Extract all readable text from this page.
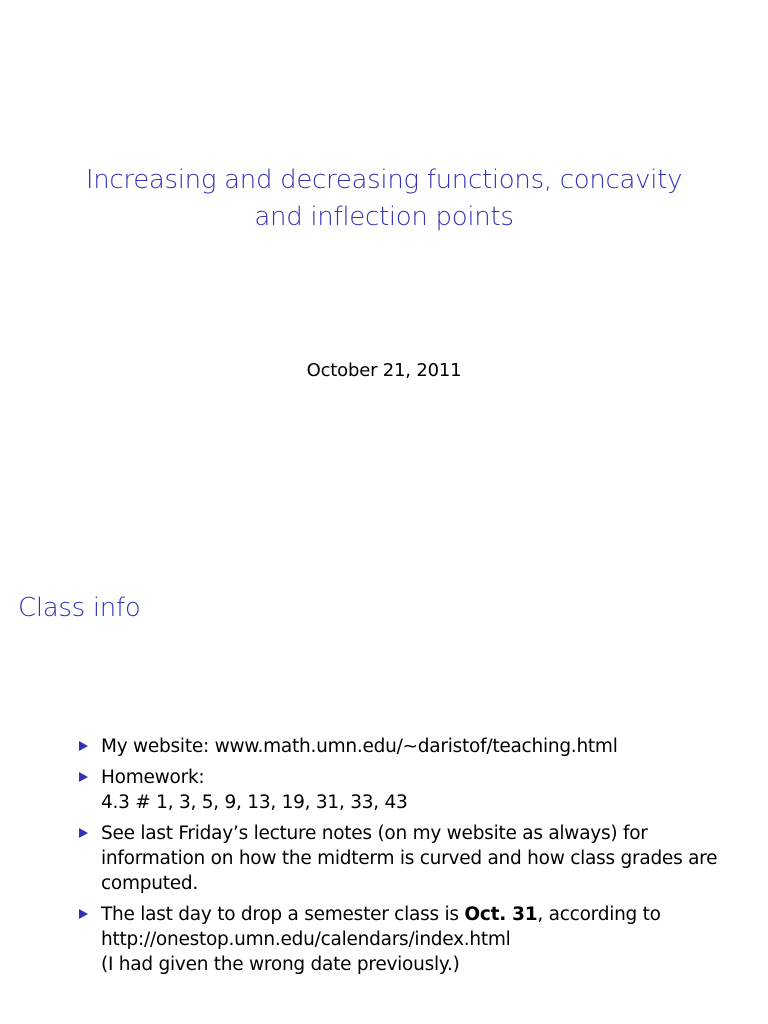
Increasing and decreasing functions, concavity
and inflection points
October 21, 2011
Class info
My website: www.math.umn.edu/∼daristof/teaching.html
Homework:
4.3 # 1, 3, 5, 9, 13, 19, 31, 33, 43
See last Friday’s lecture notes (on my website as always) for
information on how the midterm is curved and how class grades are
computed.
The last day to drop a semester class is Oct. 31, according to
http://onestop.umn.edu/calendars/index.html
(I had given the wrong date previously.)
